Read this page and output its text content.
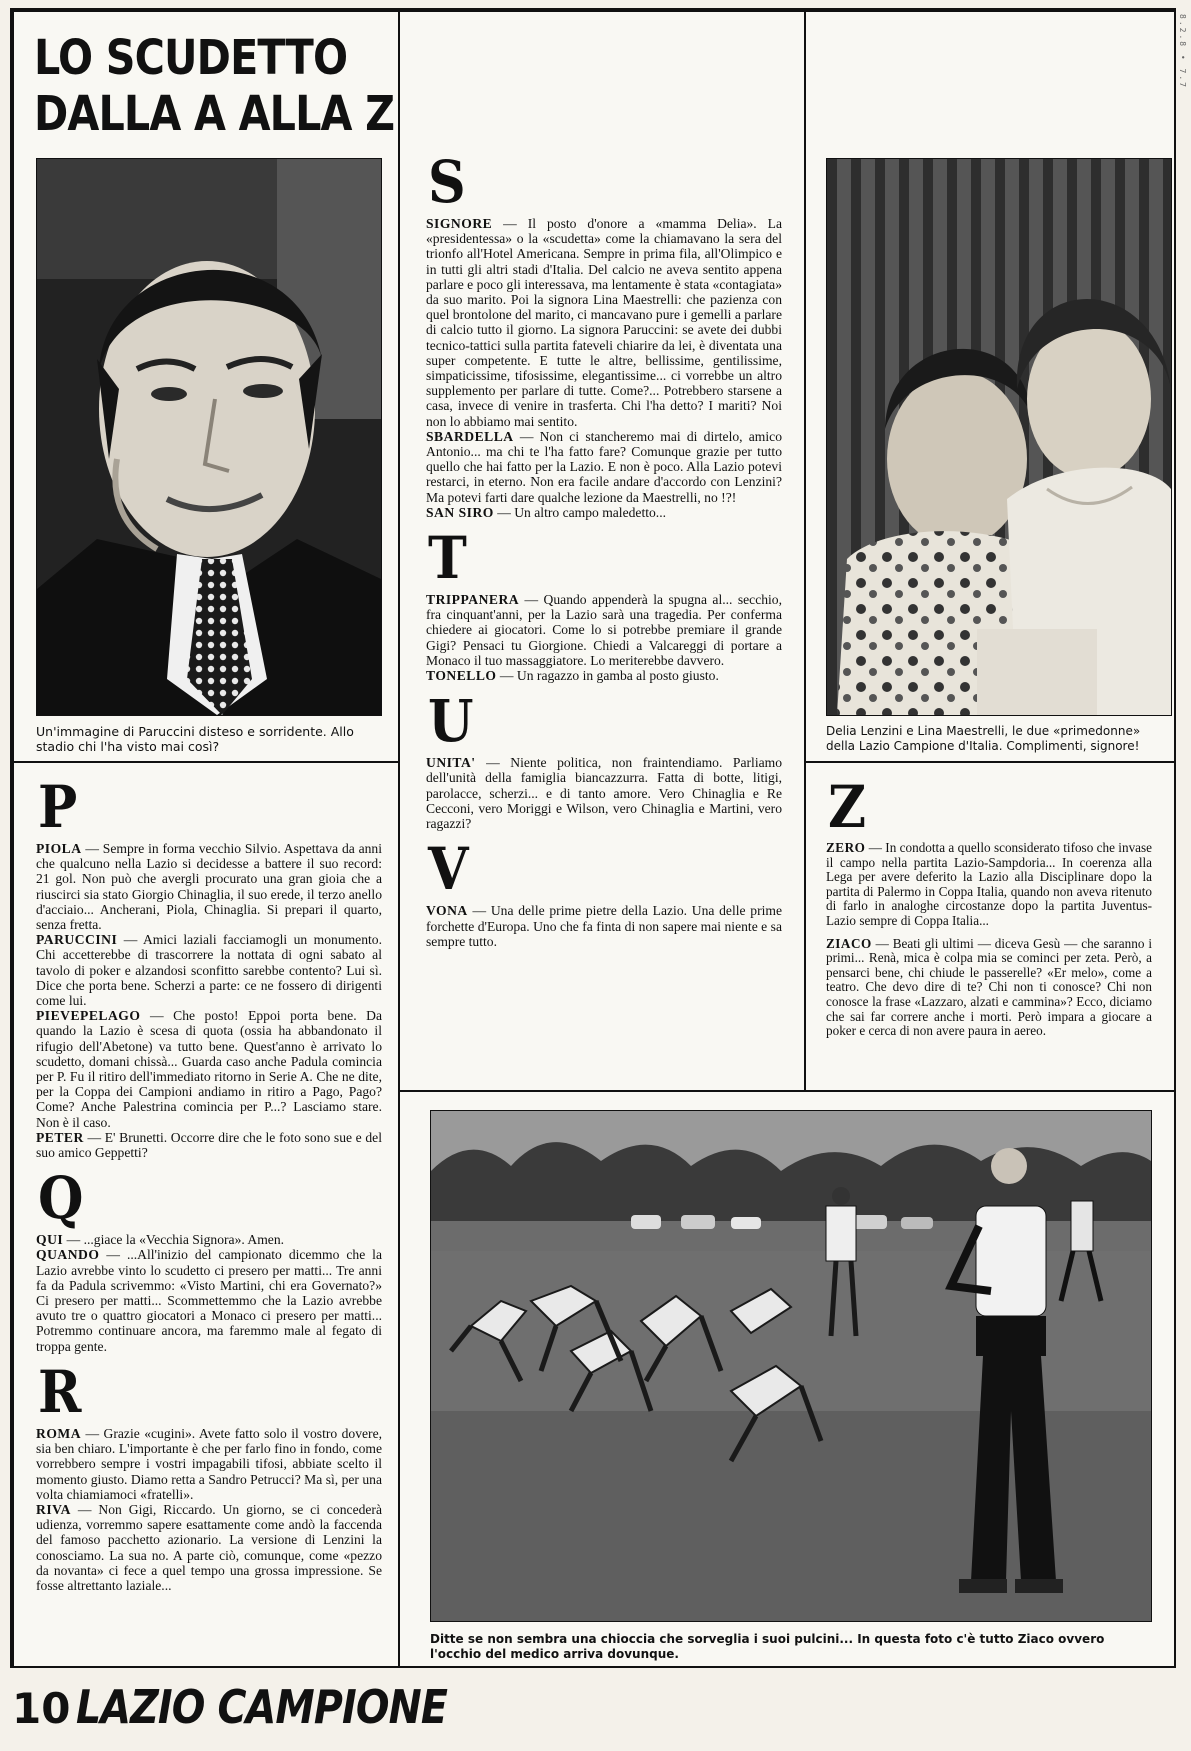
8.2.8 • 7.7
LO SCUDETTO
DALLA A ALLA Z

Un'immagine di Paruccini disteso e sorridente. Allo stadio chi l'ha visto mai così?

P

PIOLA — Sempre in forma vecchio Silvio. Aspettava da anni che qualcuno nella Lazio si decidesse a battere il suo record: 21 gol. Non può che avergli procurato una gran gioia che a riuscirci sia stato Giorgio Chinaglia, il suo erede, il terzo anello d'acciaio... Ancherani, Piola, Chinaglia. Si prepari il quarto, senza fretta.

PARUCCINI — Amici laziali facciamogli un monumento. Chi accetterebbe di trascorrere la nottata di ogni sabato al tavolo di poker e alzandosi sconfitto sarebbe contento? Lui sì. Dice che porta bene. Scherzi a parte: ce ne fossero di dirigenti come lui.

PIEVEPELAGO — Che posto! Eppoi porta bene. Da quando la Lazio è scesa di quota (ossia ha abbandonato il rifugio dell'Abetone) va tutto bene. Quest'anno è arrivato lo scudetto, domani chissà... Guarda caso anche Padula comincia per P. Fu il ritiro dell'immediato ritorno in Serie A. Che ne dite, per la Coppa dei Campioni andiamo in ritiro a Pago, Pago? Come? Anche Palestrina comincia per P...? Lasciamo stare. Non è il caso.

PETER — E' Brunetti. Occorre dire che le foto sono sue e del suo amico Geppetti?

Q

QUI — ...giace la «Vecchia Signora». Amen.

QUANDO — ...All'inizio del campionato dicemmo che la Lazio avrebbe vinto lo scudetto ci presero per matti... Tre anni fa da Padula scrivemmo: «Visto Martini, chi era Governato?» Ci presero per matti... Scommettemmo che la Lazio avrebbe avuto tre o quattro giocatori a Monaco ci presero per matti... Potremmo continuare ancora, ma faremmo male al fegato di troppa gente.

R

ROMA — Grazie «cugini». Avete fatto solo il vostro dovere, sia ben chiaro. L'importante è che per farlo fino in fondo, come vorrebbero sempre i vostri impagabili tifosi, abbiate scelto il momento giusto. Diamo retta a Sandro Petrucci? Ma sì, per una volta chiamiamoci «fratelli».

RIVA — Non Gigi, Riccardo. Un giorno, se ci concederà udienza, vorremmo sapere esattamente come andò la faccenda del famoso pacchetto azionario. La versione di Lenzini la conosciamo. La sua no. A parte ciò, comunque, come «pezzo da novanta» ci fece a quel tempo una grossa impressione. Se fosse altrettanto laziale...

S

SIGNORE — Il posto d'onore a «mamma Delia». La «presidentessa» o la «scudetta» come la chiamavano la sera del trionfo all'Hotel Americana. Sempre in prima fila, all'Olimpico e in tutti gli altri stadi d'Italia. Del calcio ne aveva sentito appena parlare e poco gli interessava, ma lentamente è stata «contagiata» da suo marito. Poi la signora Lina Maestrelli: che pazienza con quel brontolone del marito, ci mancavano pure i gemelli a parlare di calcio tutto il giorno. La signora Paruccini: se avete dei dubbi tecnico-tattici sulla partita fateveli chiarire da lei, è diventata una super competente. E tutte le altre, bellissime, gentilissime, simpaticissime, tifosissime, elegantissime... ci vorrebbe un altro supplemento per parlare di tutte. Come?... Potrebbero starsene a casa, invece di venire in trasferta. Chi l'ha detto? I mariti? Noi non lo abbiamo mai sentito.

SBARDELLA — Non ci stancheremo mai di dirtelo, amico Antonio... ma chi te l'ha fatto fare? Comunque grazie per tutto quello che hai fatto per la Lazio. E non è poco. Alla Lazio potevi restarci, in eterno. Non era facile andare d'accordo con Lenzini? Ma potevi farti dare qualche lezione da Maestrelli, no !?!

SAN SIRO — Un altro campo maledetto...

T

TRIPPANERA — Quando appenderà la spugna al... secchio, fra cinquant'anni, per la Lazio sarà una tragedia. Per conferma chiedere ai giocatori. Come lo si potrebbe premiare il grande Gigi? Pensaci tu Giorgione. Chiedi a Valcareggi di portare a Monaco il tuo massaggiatore. Lo meriterebbe davvero.

TONELLO — Un ragazzo in gamba al posto giusto.

U

UNITA' — Niente politica, non fraintendiamo. Parliamo dell'unità della famiglia biancazzurra. Fatta di botte, litigi, parolacce, scherzi... e di tanto amore. Vero Chinaglia e Re Cecconi, vero Moriggi e Wilson, vero Chinaglia e Martini, vero ragazzi?

V

VONA — Una delle prime pietre della Lazio. Una delle prime forchette d'Europa. Uno che fa finta di non sapere mai niente e sa sempre tutto.

Delia Lenzini e Lina Maestrelli, le due «primedonne» della Lazio Campione d'Italia. Complimenti, signore!

Z

ZERO — In condotta a quello sconsiderato tifoso che invase il campo nella partita Lazio-Sampdoria... In coerenza alla Lega per avere deferito la Lazio alla Disciplinare dopo la partita di Palermo in Coppa Italia, quando non aveva ritenuto di farlo in analoghe circostanze dopo la partita Juventus-Lazio sempre di Coppa Italia...

ZIACO — Beati gli ultimi — diceva Gesù — che saranno i primi... Renà, mica è colpa mia se cominci per zeta. Però, a pensarci bene, chi chiude le passerelle? «Er melo», come a teatro. Che devo dire di te? Chi non ti conosce? Chi non conosce la frase «Lazzaro, alzati e cammina»? Ecco, diciamo che sai far correre anche i morti. Però impara a giocare a poker e cerca di non avere paura in aereo.

Ditte se non sembra una chioccia che sorveglia i suoi pulcini... In questa foto c'è tutto Ziaco ovvero l'occhio del medico arriva dovunque.

10 LAZIO CAMPIONE
